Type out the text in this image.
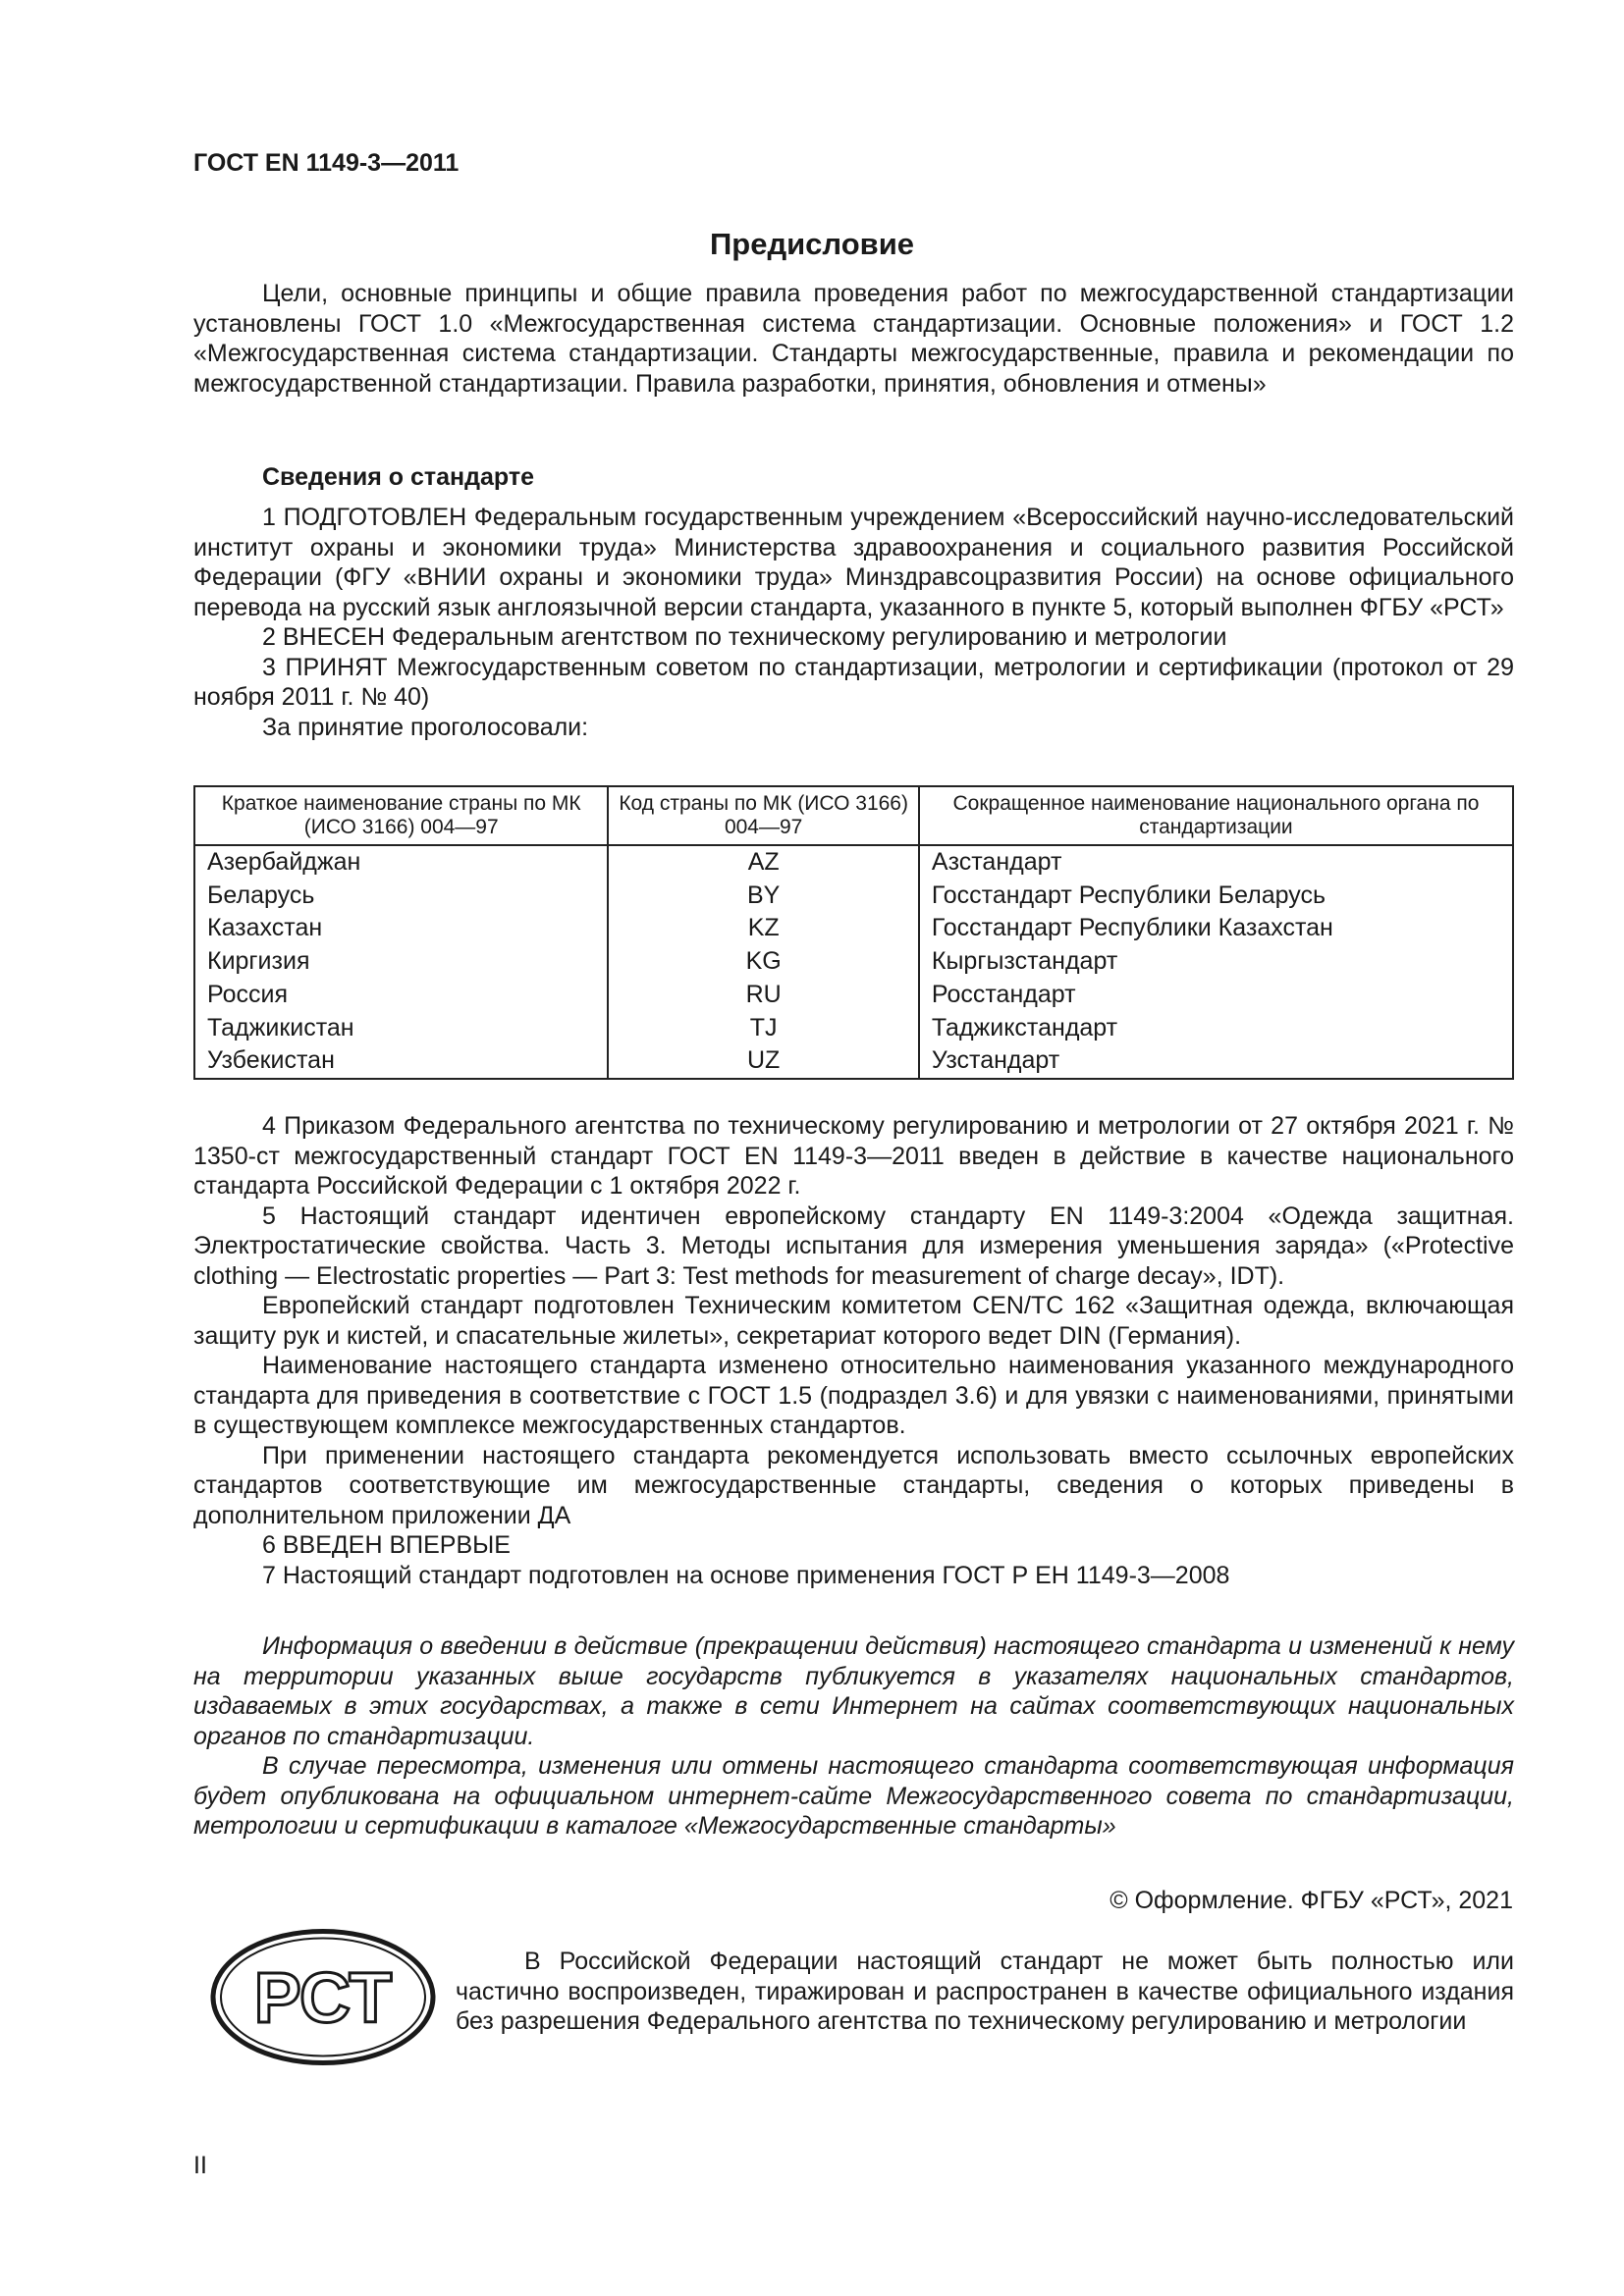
ГОСТ EN 1149-3—2011
Предисловие

Цели, основные принципы и общие правила проведения работ по межгосударственной стандартизации установлены ГОСТ 1.0 «Межгосударственная система стандартизации. Основные положения» и ГОСТ 1.2 «Межгосударственная система стандартизации. Стандарты межгосударственные, правила и рекомендации по межгосударственной стандартизации. Правила разработки, принятия, обновления и отмены»

Сведения о стандарте

1 ПОДГОТОВЛЕН Федеральным государственным учреждением «Всероссийский научно-исследовательский институт охраны и экономики труда» Министерства здравоохранения и социального развития Российской Федерации (ФГУ «ВНИИ охраны и экономики труда» Минздравсоцразвития России) на основе официального перевода на русский язык англоязычной версии стандарта, указанного в пункте 5, который выполнен ФГБУ «РСТ»

2 ВНЕСЕН Федеральным агентством по техническому регулированию и метрологии

3 ПРИНЯТ Межгосударственным советом по стандартизации, метрологии и сертификации (протокол от 29 ноября 2011 г. № 40)

За принятие проголосовали:

Краткое наименование страны по МК (ИСО 3166) 004—97	Код страны по МК (ИСО 3166) 004—97	Сокращенное наименование национального органа по стандартизации
Азербайджан	AZ	Азстандарт
Беларусь	BY	Госстандарт Республики Беларусь
Казахстан	KZ	Госстандарт Республики Казахстан
Киргизия	KG	Кыргызстандарт
Россия	RU	Росстандарт
Таджикистан	TJ	Таджикстандарт
Узбекистан	UZ	Узстандарт

4 Приказом Федерального агентства по техническому регулированию и метрологии от 27 октября 2021 г. № 1350-ст межгосударственный стандарт ГОСТ EN 1149-3—2011 введен в действие в качестве национального стандарта Российской Федерации с 1 октября 2022 г.

5 Настоящий стандарт идентичен европейскому стандарту EN 1149-3:2004 «Одежда защитная. Электростатические свойства. Часть 3. Методы испытания для измерения уменьшения заряда» («Protective clothing — Electrostatic properties — Part 3: Test methods for measurement of charge decay», IDT).

Европейский стандарт подготовлен Техническим комитетом CEN/TC 162 «Защитная одежда, включающая защиту рук и кистей, и спасательные жилеты», секретариат которого ведет DIN (Германия).

Наименование настоящего стандарта изменено относительно наименования указанного международного стандарта для приведения в соответствие с ГОСТ 1.5 (подраздел 3.6) и для увязки с наименованиями, принятыми в существующем комплексе межгосударственных стандартов.

При применении настоящего стандарта рекомендуется использовать вместо ссылочных европейских стандартов соответствующие им межгосударственные стандарты, сведения о которых приведены в дополнительном приложении ДА

6 ВВЕДЕН ВПЕРВЫЕ

7 Настоящий стандарт подготовлен на основе применения ГОСТ Р ЕН 1149-3—2008

Информация о введении в действие (прекращении действия) настоящего стандарта и изменений к нему на территории указанных выше государств публикуется в указателях национальных стандартов, издаваемых в этих государствах, а также в сети Интернет на сайтах соответствующих национальных органов по стандартизации.

В случае пересмотра, изменения или отмены настоящего стандарта соответствующая информация будет опубликована на официальном интернет-сайте Межгосударственного совета по стандартизации, метрологии и сертификации в каталоге «Межгосударственные стандарты»

© Оформление. ФГБУ «РСТ», 2021
РСТ	В Российской Федерации настоящий стандарт не может быть полностью или частично воспроизведен, тиражирован и распространен в качестве официального издания без разрешения Федерального агентства по техническому регулированию и метрологии

II
